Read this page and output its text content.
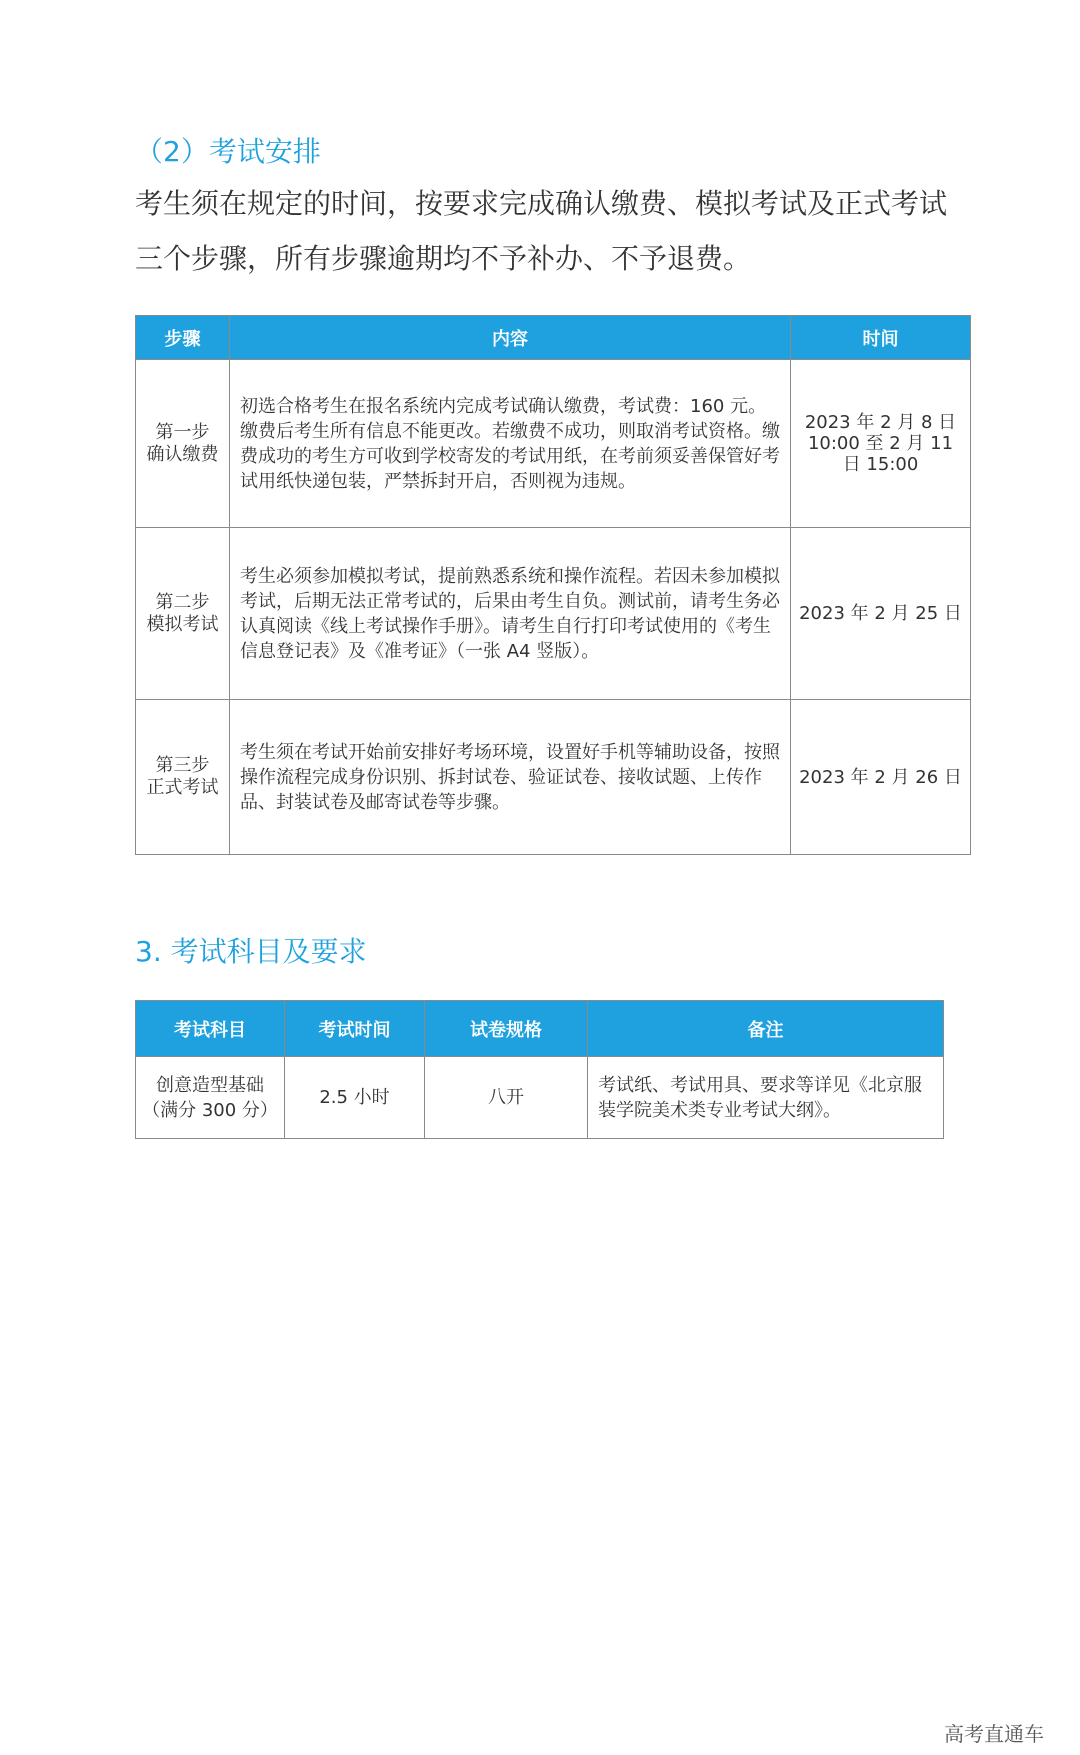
（2）考试安排

考生须在规定的时间，按要求完成确认缴费、模拟考试及正式考试三个步骤，所有步骤逾期均不予补办、不予退费。

步骤	内容	时间

第一步
确认缴费	初选合格考生在报名系统内完成考试确认缴费，考试费：160 元。缴费后考生所有信息不能更改。若缴费不成功，则取消考试资格。缴费成功的考生方可收到学校寄发的考试用纸，在考前须妥善保管好考试用纸快递包装，严禁拆封开启，否则视为违规。	2023 年 2 月 8 日 10:00 至 2 月 11 日 15:00

第二步
模拟考试	考生必须参加模拟考试，提前熟悉系统和操作流程。若因未参加模拟考试，后期无法正常考试的，后果由考生自负。测试前，请考生务必认真阅读《线上考试操作手册》。请考生自行打印考试使用的《考生信息登记表》及《准考证》（一张 A4 竖版）。	2023 年 2 月 25 日

第三步
正式考试	考生须在考试开始前安排好考场环境，设置好手机等辅助设备，按照操作流程完成身份识别、拆封试卷、验证试卷、接收试题、上传作品、封装试卷及邮寄试卷等步骤。	2023 年 2 月 26 日
3. 考试科目及要求
考试科目	考试时间	试卷规格	备注

创意造型基础
（满分 300 分）	2.5 小时	八开	考试纸、考试用具、要求等详见《北京服装学院美术类专业考试大纲》。
高考直通车
